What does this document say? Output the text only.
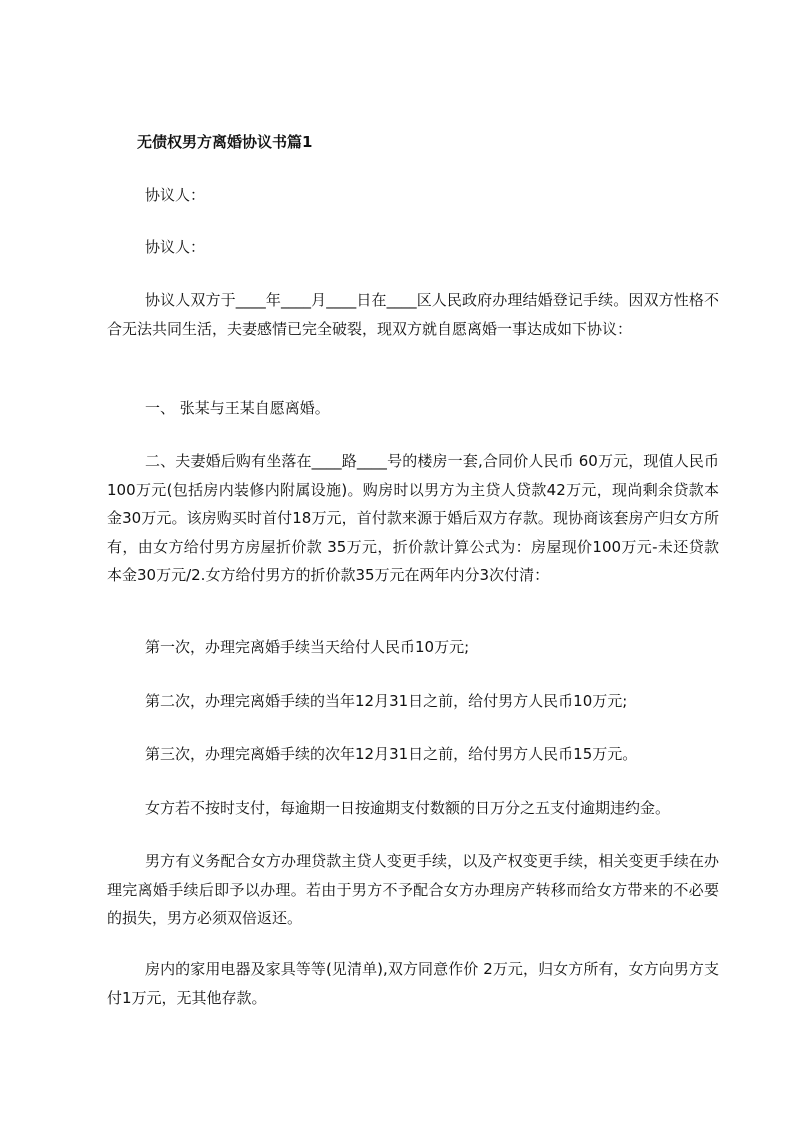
无债权男方离婚协议书篇1
协议人：
协议人：
协议人双方于____年____月____日在____区人民政府办理结婚登记手续。因双方性格不合无法共同生活，夫妻感情已完全破裂，现双方就自愿离婚一事达成如下协议：
一、 张某与王某自愿离婚。
二、夫妻婚后购有坐落在____路____号的楼房一套,合同价人民币 60万元，现值人民币100万元(包括房内装修内附属设施)。购房时以男方为主贷人贷款42万元，现尚剩余贷款本金30万元。该房购买时首付18万元，首付款来源于婚后双方存款。现协商该套房产归女方所有，由女方给付男方房屋折价款 35万元，折价款计算公式为：房屋现价100万元-未还贷款本金30万元/2.女方给付男方的折价款35万元在两年内分3次付清：
第一次，办理完离婚手续当天给付人民币10万元;
第二次，办理完离婚手续的当年12月31日之前，给付男方人民币10万元;
第三次，办理完离婚手续的次年12月31日之前，给付男方人民币15万元。
女方若不按时支付，每逾期一日按逾期支付数额的日万分之五支付逾期违约金。
男方有义务配合女方办理贷款主贷人变更手续，以及产权变更手续，相关变更手续在办理完离婚手续后即予以办理。若由于男方不予配合女方办理房产转移而给女方带来的不必要的损失，男方必须双倍返还。
房内的家用电器及家具等等(见清单),双方同意作价 2万元，归女方所有，女方向男方支付1万元，无其他存款。
